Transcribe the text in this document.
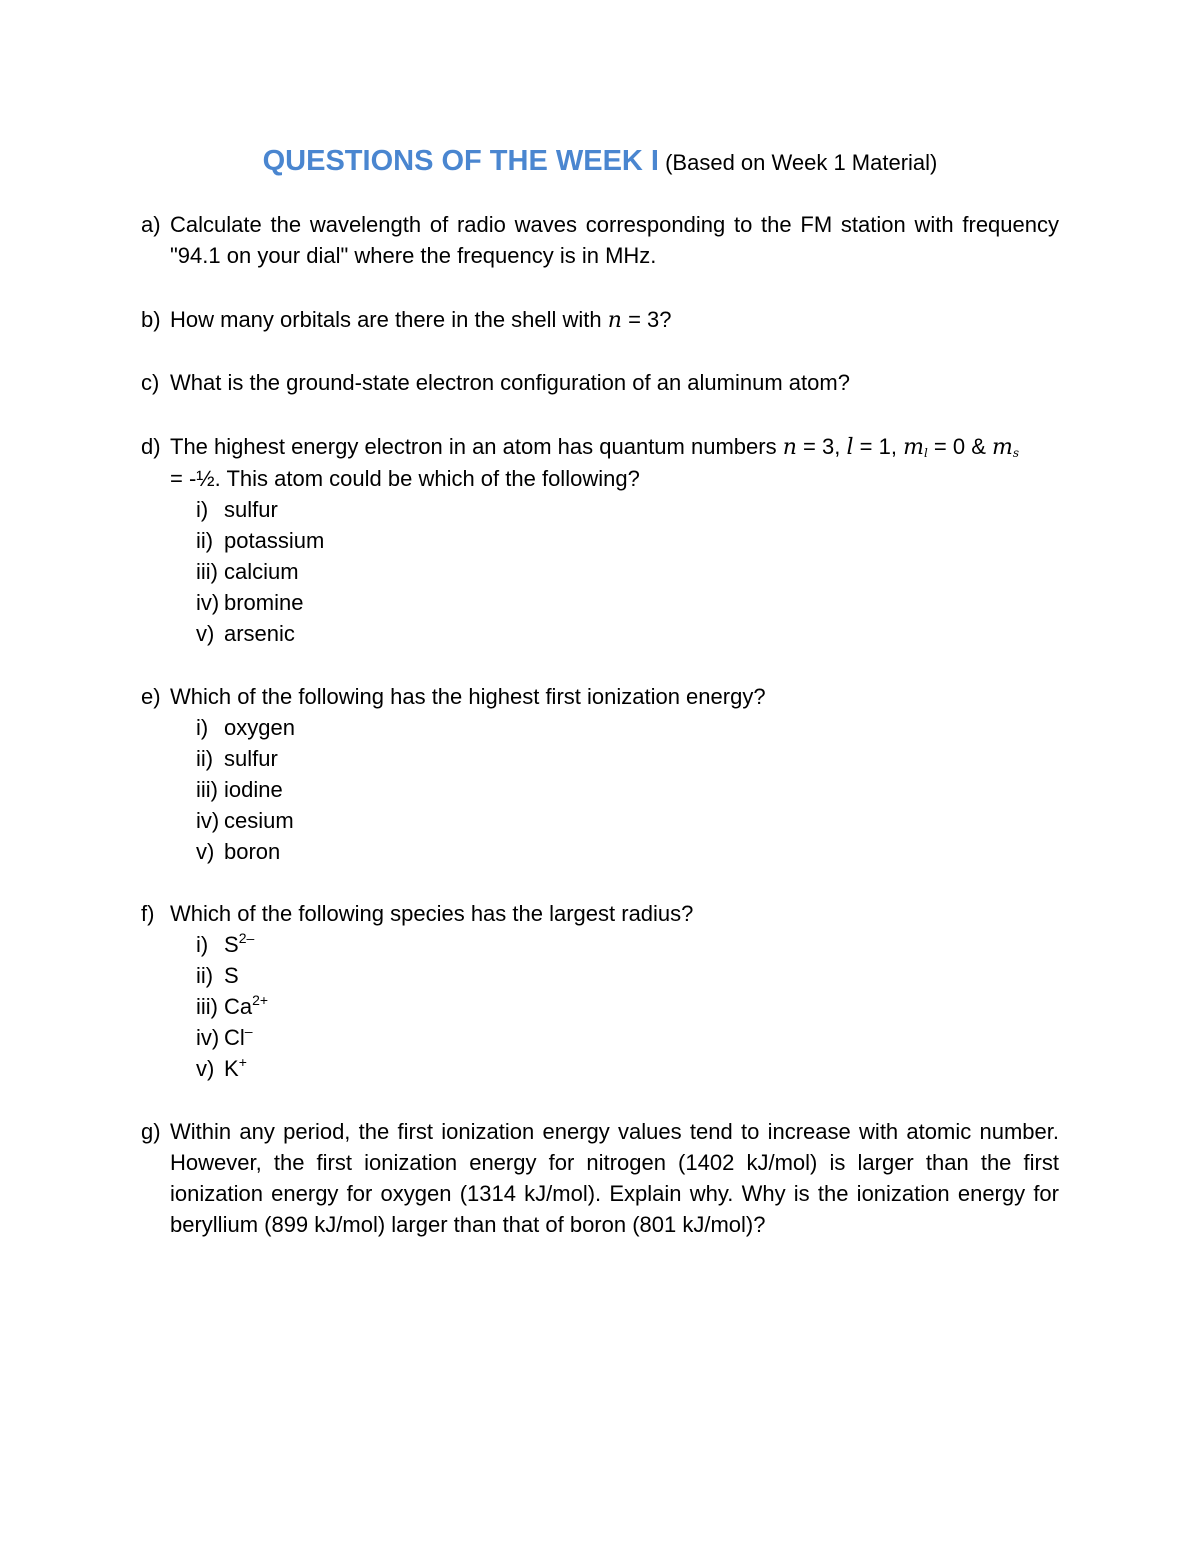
QUESTIONS OF THE WEEK I (Based on Week 1 Material)
a) Calculate the wavelength of radio waves corresponding to the FM station with frequency "94.1 on your dial" where the frequency is in MHz.
b) How many orbitals are there in the shell with n = 3?
c) What is the ground-state electron configuration of an aluminum atom?
d) The highest energy electron in an atom has quantum numbers n = 3, l = 1, $m_l = 0$ & $m_s$
= -½. This atom could be which of the following?
i) sulfur
ii) potassium
iii) calcium
iv) bromine
v) arsenic
e) Which of the following has the highest first ionization energy?
i) oxygen
ii) sulfur
iii) iodine
iv) cesium
v) boron
f) Which of the following species has the largest radius?
i) $S^{2-}$
ii) S
iii) $Ca^{2+}$
iv) Cl–
v) K+
g) Within any period, the first ionization energy values tend to increase with atomic number. However, the first ionization energy for nitrogen (1402 kJ/mol) is larger than the first ionization energy for oxygen (1314 kJ/mol). Explain why. Why is the ionization energy for beryllium (899 kJ/mol) larger than that of boron (801 kJ/mol)?
